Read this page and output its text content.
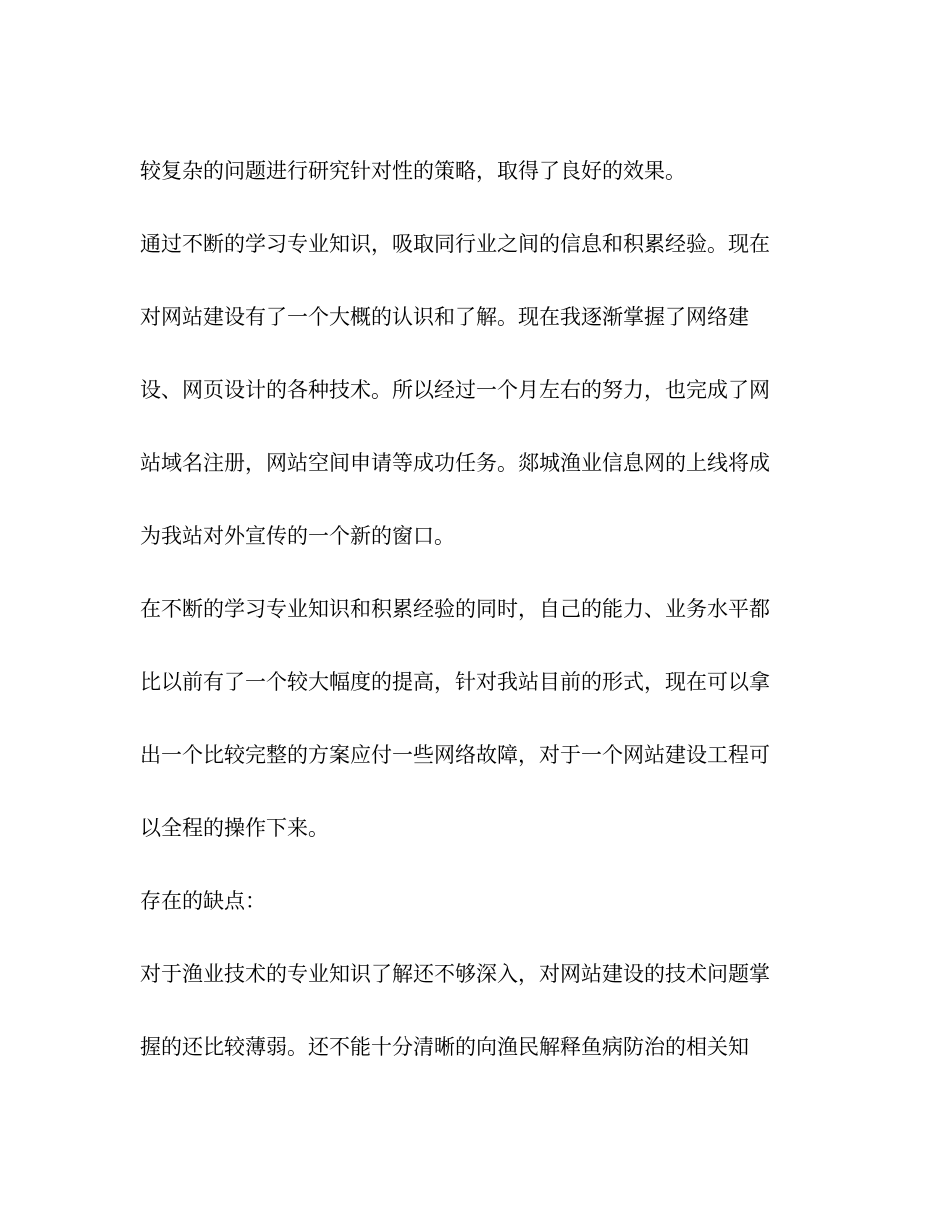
较复杂的问题进行研究针对性的策略，取得了良好的效果。
通过不断的学习专业知识，吸取同行业之间的信息和积累经验。现在
对网站建设有了一个大概的认识和了解。现在我逐渐掌握了网络建
设、网页设计的各种技术。所以经过一个月左右的努力，也完成了网
站域名注册，网站空间申请等成功任务。郯城渔业信息网的上线将成
为我站对外宣传的一个新的窗口。
在不断的学习专业知识和积累经验的同时，自己的能力、业务水平都
比以前有了一个较大幅度的提高，针对我站目前的形式，现在可以拿
出一个比较完整的方案应付一些网络故障，对于一个网站建设工程可
以全程的操作下来。
存在的缺点：
对于渔业技术的专业知识了解还不够深入，对网站建设的技术问题掌
握的还比较薄弱。还不能十分清晰的向渔民解释鱼病防治的相关知
